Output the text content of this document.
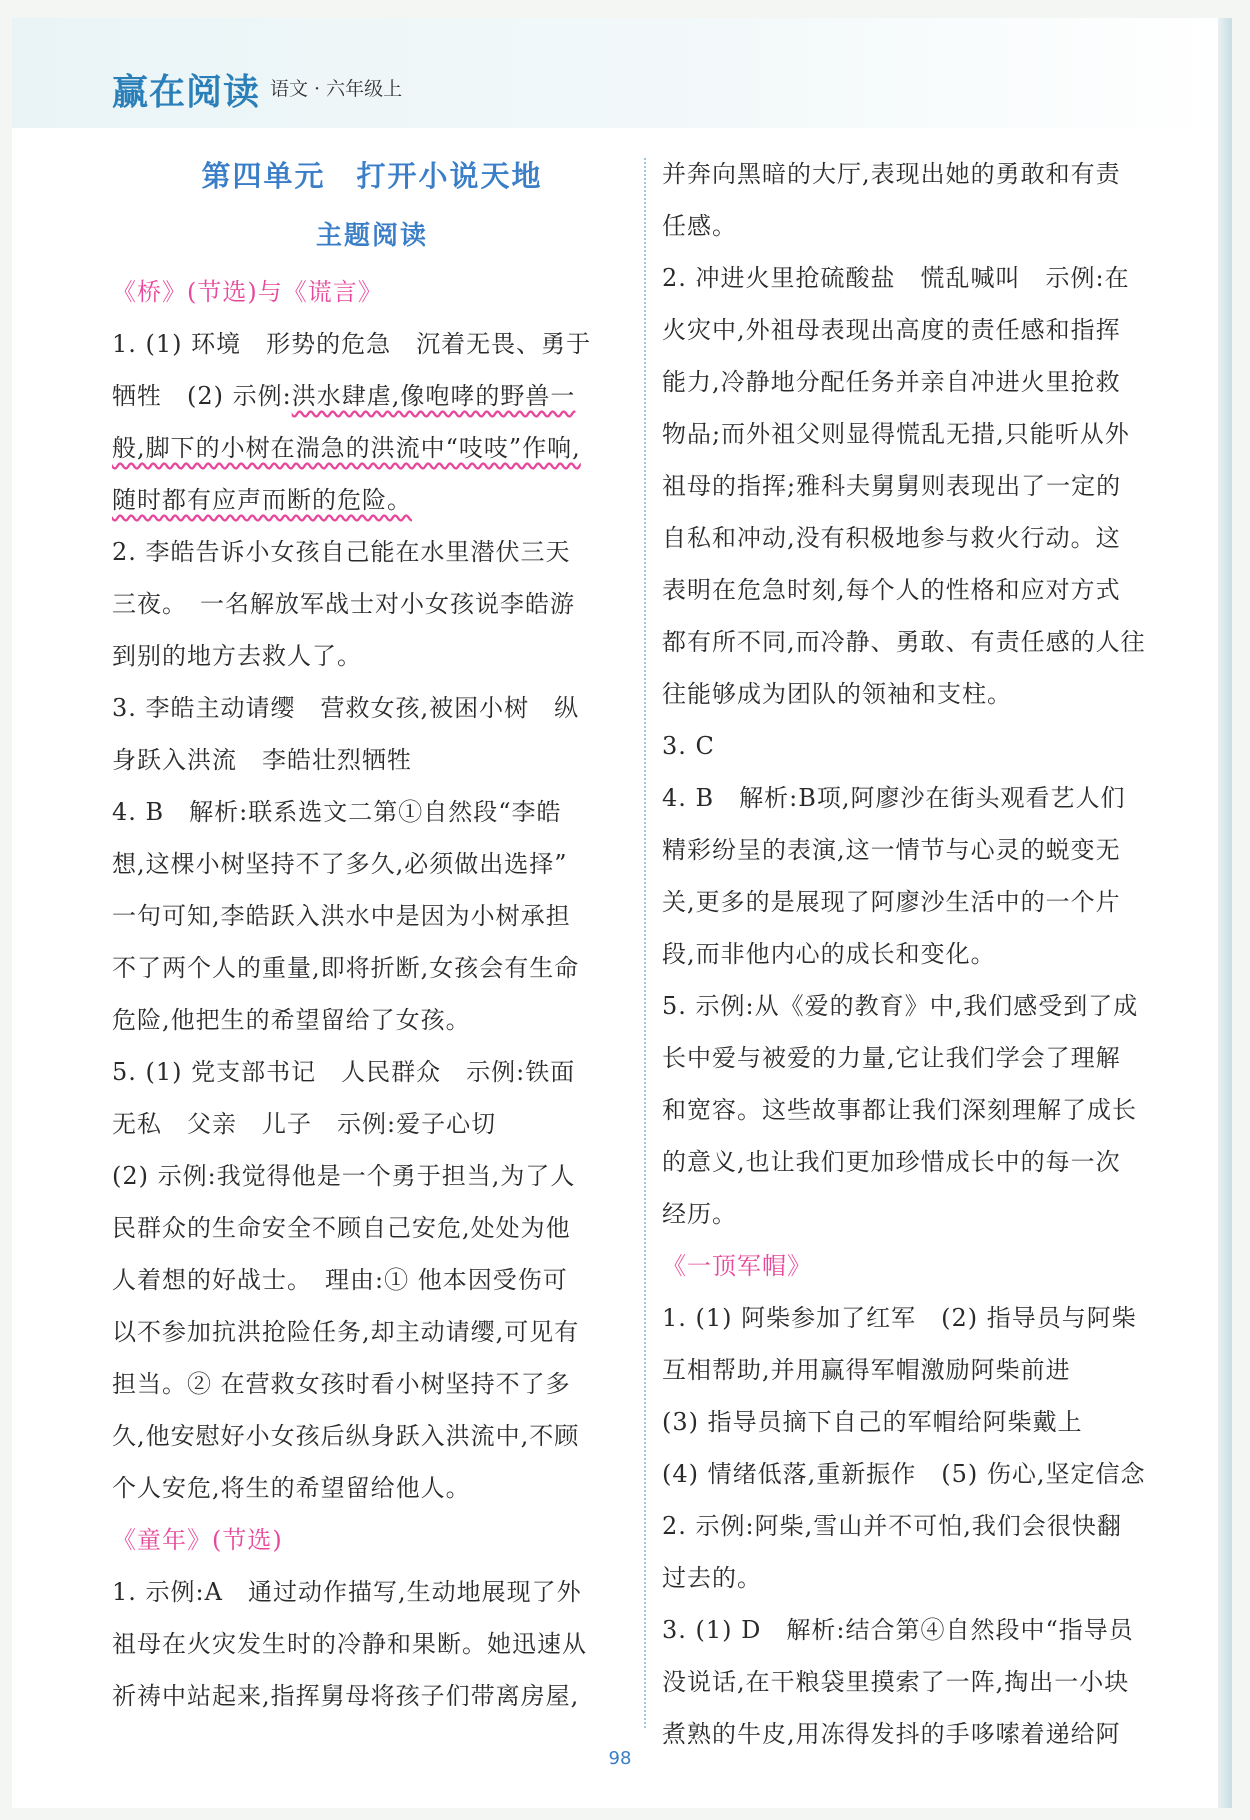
赢在阅读 语文 · 六年级上
第四单元　打开小说天地
主题阅读
《桥》(节选)与《谎言》
1. (1) 环境　形势的危急　沉着无畏、勇于
牺牲　(2) 示例:洪水肆虐,像咆哮的野兽一
般,脚下的小树在湍急的洪流中“吱吱”作响,
随时都有应声而断的危险。
2. 李皓告诉小女孩自己能在水里潜伏三天
三夜。　一名解放军战士对小女孩说李皓游
到别的地方去救人了。
3. 李皓主动请缨　营救女孩,被困小树　纵
身跃入洪流　李皓壮烈牺牲
4. B　解析:联系选文二第①自然段“李皓
想,这棵小树坚持不了多久,必须做出选择”
一句可知,李皓跃入洪水中是因为小树承担
不了两个人的重量,即将折断,女孩会有生命
危险,他把生的希望留给了女孩。
5. (1) 党支部书记　人民群众　示例:铁面
无私　父亲　儿子　示例:爱子心切
(2) 示例:我觉得他是一个勇于担当,为了人
民群众的生命安全不顾自己安危,处处为他
人着想的好战士。　理由:① 他本因受伤可
以不参加抗洪抢险任务,却主动请缨,可见有
担当。② 在营救女孩时看小树坚持不了多
久,他安慰好小女孩后纵身跃入洪流中,不顾
个人安危,将生的希望留给他人。
《童年》(节选)
1. 示例:A　通过动作描写,生动地展现了外
祖母在火灾发生时的冷静和果断。她迅速从
祈祷中站起来,指挥舅母将孩子们带离房屋,
并奔向黑暗的大厅,表现出她的勇敢和有责
任感。
2. 冲进火里抢硫酸盐　慌乱喊叫　示例:在
火灾中,外祖母表现出高度的责任感和指挥
能力,冷静地分配任务并亲自冲进火里抢救
物品;而外祖父则显得慌乱无措,只能听从外
祖母的指挥;雅科夫舅舅则表现出了一定的
自私和冲动,没有积极地参与救火行动。这
表明在危急时刻,每个人的性格和应对方式
都有所不同,而冷静、勇敢、有责任感的人往
往能够成为团队的领袖和支柱。
3. C
4. B　解析:B项,阿廖沙在街头观看艺人们
精彩纷呈的表演,这一情节与心灵的蜕变无
关,更多的是展现了阿廖沙生活中的一个片
段,而非他内心的成长和变化。
5. 示例:从《爱的教育》中,我们感受到了成
长中爱与被爱的力量,它让我们学会了理解
和宽容。这些故事都让我们深刻理解了成长
的意义,也让我们更加珍惜成长中的每一次
经历。
《一顶军帽》
1. (1) 阿柴参加了红军　(2) 指导员与阿柴
互相帮助,并用赢得军帽激励阿柴前进
(3) 指导员摘下自己的军帽给阿柴戴上
(4) 情绪低落,重新振作　(5) 伤心,坚定信念
2. 示例:阿柴,雪山并不可怕,我们会很快翻
过去的。
3. (1) D　解析:结合第④自然段中“指导员
没说话,在干粮袋里摸索了一阵,掏出一小块
煮熟的牛皮,用冻得发抖的手哆嗦着递给阿
98
